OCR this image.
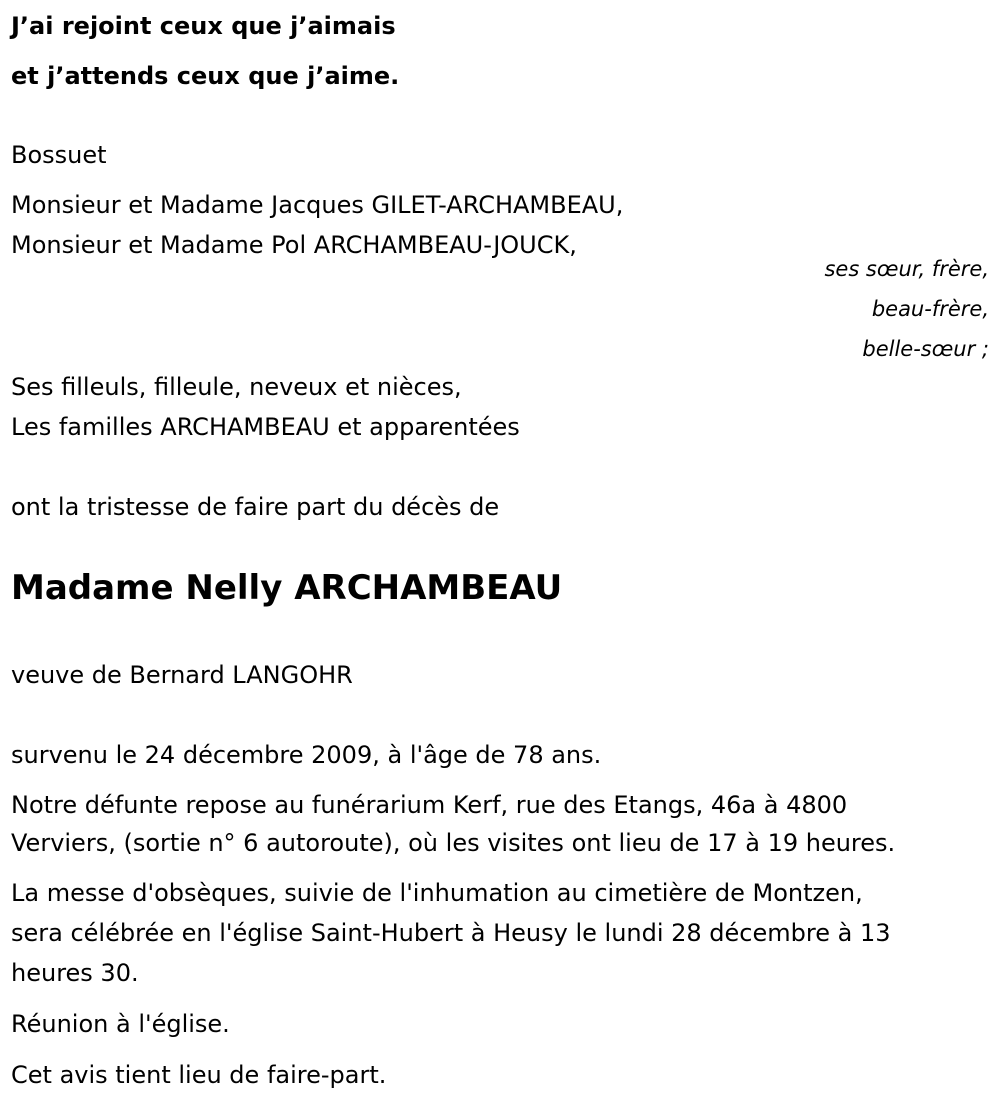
J’ai rejoint ceux que j’aimais
et j’attends ceux que j’aime.
Bossuet
Monsieur et Madame Jacques GILET-ARCHAMBEAU,
Monsieur et Madame Pol ARCHAMBEAU-JOUCK,
ses sœur, frère,
beau-frère,
belle-sœur ;
Ses filleuls, filleule, neveux et nièces,
Les familles ARCHAMBEAU et apparentées
ont la tristesse de faire part du décès de
Madame Nelly ARCHAMBEAU
veuve de Bernard LANGOHR
survenu le 24 décembre 2009, à l'âge de 78 ans.
Notre défunte repose au funérarium Kerf, rue des Etangs, 46a à 4800
Verviers, (sortie n° 6 autoroute), où les visites ont lieu de 17 à 19 heures.
La messe d'obsèques, suivie de l'inhumation au cimetière de Montzen,
sera célébrée en l'église Saint-Hubert à Heusy le lundi 28 décembre à 13
heures 30.
Réunion à l'église.
Cet avis tient lieu de faire-part.
